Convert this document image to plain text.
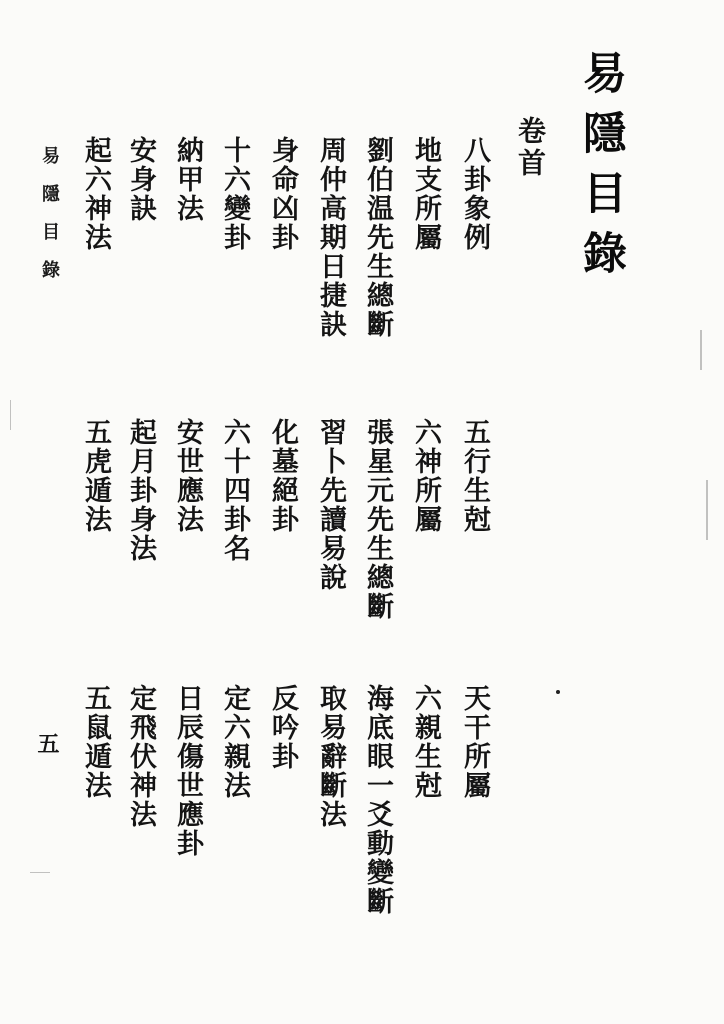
易隱目錄
卷首
八卦象例
五行生尅
天干所屬
地支所屬
六神所屬
六親生尅
劉伯温先生總斷
張星元先生總斷
海底眼一爻動變斷
周仲高期日捷訣
習卜先讀易說
取易辭斷法
身命凶卦
化墓絕卦
反吟卦
十六變卦
六十四卦名
定六親法
納甲法
安世應法
日辰傷世應卦
安身訣
起月卦身法
定飛伏神法
起六神法
五虎遁法
五鼠遁法
易隱目錄
五
